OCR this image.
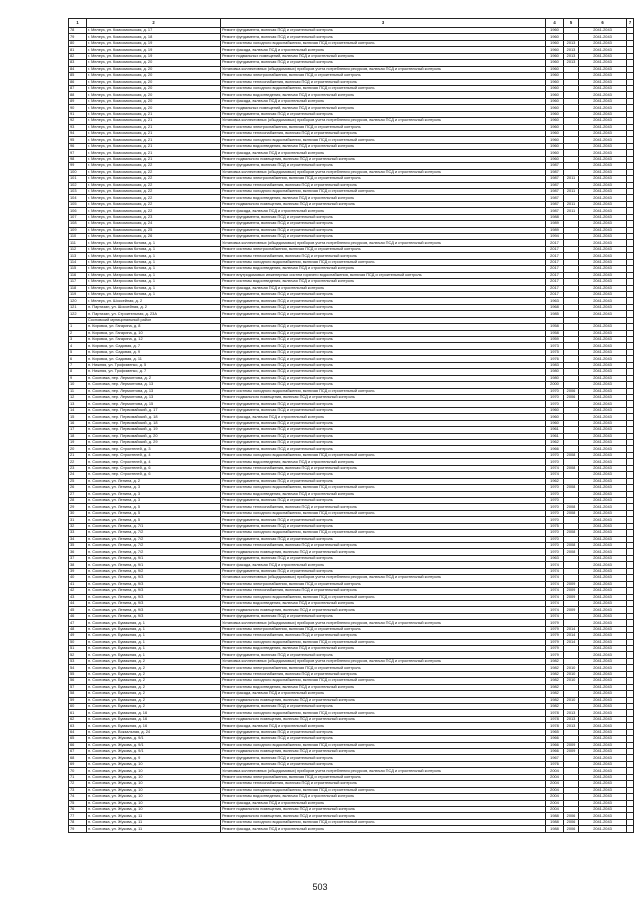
1	2	3	4	5	6	7
78	г. Мелеуз, ул. Комсомольская, д. 17	Ремонт фундамента, включая ПСД и строительный контроль	1960		2041-2043	
79	г. Мелеуз, ул. Комсомольская, д. 18	Ремонт фундамента, включая ПСД и строительный контроль	1960		2041-2043	
80	г. Мелеуз, ул. Комсомольская, д. 19	Ремонт системы холодного водоснабжения, включая ПСД и строительный контроль	1960	2013	2041-2043	
81	г. Мелеуз, ул. Комсомольская, д. 19	Ремонт фасада, включая ПСД и строительный контроль	1960	2013	2041-2043	
82	г. Мелеуз, ул. Комсомольская, д. 19	Ремонт подвальных помещений, включая ПСД и строительный контроль	1960	2013	2041-2043	
83	г. Мелеуз, ул. Комсомольская, д. 20	Ремонт фундамента, включая ПСД и строительный контроль	1960	2013	2041-2043	
84	г. Мелеуз, ул. Комсомольская, д. 20	Установка коллективных (общедомовых) приборов учета потребления ресурсов, включая ПСД и строительный контроль	1960		2041-2043	
85	г. Мелеуз, ул. Комсомольская, д. 20	Ремонт системы электроснабжения, включая ПСД и строительный контроль	1960		2041-2043	
86	г. Мелеуз, ул. Комсомольская, д. 20	Ремонт системы теплоснабжения, включая ПСД и строительный контроль	1960		2041-2043	
87	г. Мелеуз, ул. Комсомольская, д. 20	Ремонт системы холодного водоснабжения, включая ПСД и строительный контроль	1960		2041-2043	
88	г. Мелеуз, ул. Комсомольская, д. 20	Ремонт системы водоотведения, включая ПСД и строительный контроль	1960		2041-2043	
89	г. Мелеуз, ул. Комсомольская, д. 20	Ремонт фасада, включая ПСД и строительный контроль	1960		2041-2043	
90	г. Мелеуз, ул. Комсомольская, д. 20	Ремонт подвальных помещений, включая ПСД и строительный контроль	1960		2041-2043	
91	г. Мелеуз, ул. Комсомольская, д. 21	Ремонт фундамента, включая ПСД и строительный контроль	1960		2041-2043	
92	г. Мелеуз, ул. Комсомольская, д. 21	Установка коллективных (общедомовых) приборов учета потребления ресурсов, включая ПСД и строительный контроль	1960		2041-2043	
93	г. Мелеуз, ул. Комсомольская, д. 21	Ремонт системы электроснабжения, включая ПСД и строительный контроль	1960		2041-2043	
94	г. Мелеуз, ул. Комсомольская, д. 21	Ремонт системы теплоснабжения, включая ПСД и строительный контроль	1960		2041-2043	
95	г. Мелеуз, ул. Комсомольская, д. 21	Ремонт системы холодного водоснабжения, включая ПСД и строительный контроль	1960		2041-2043	
96	г. Мелеуз, ул. Комсомольская, д. 21	Ремонт системы водоотведения, включая ПСД и строительный контроль	1960		2041-2043	
97	г. Мелеуз, ул. Комсомольская, д. 21	Ремонт фасада, включая ПСД и строительный контроль	1960		2041-2043	
98	г. Мелеуз, ул. Комсомольская, д. 21	Ремонт подвального помещения, включая ПСД и строительный контроль	1960		2041-2043	
99	г. Мелеуз, ул. Комсомольская, д. 22	Ремонт фундамента, включая ПСД и строительный контроль	1987		2041-2043	
100	г. Мелеуз, ул. Комсомольская, д. 22	Установка коллективных (общедомовых) приборов учета потребления ресурсов, включая ПСД и строительный контроль	1987		2041-2043	
101	г. Мелеуз, ул. Комсомольская, д. 22	Ремонт системы электроснабжения, включая ПСД и строительный контроль	1987	2011	2041-2043	
102	г. Мелеуз, ул. Комсомольская, д. 22	Ремонт системы теплоснабжения, включая ПСД и строительный контроль	1987		2041-2043	
103	г. Мелеуз, ул. Комсомольская, д. 22	Ремонт системы холодного водоснабжения, включая ПСД и строительный контроль	1987	2011	2041-2043	
104	г. Мелеуз, ул. Комсомольская, д. 22	Ремонт системы водоотведения, включая ПСД и строительный контроль	1987		2041-2043	
105	г. Мелеуз, ул. Комсомольская, д. 22	Ремонт подвального помещения, включая ПСД и строительный контроль	1987	2011	2041-2043	
106	г. Мелеуз, ул. Комсомольская, д. 22	Ремонт фасада, включая ПСД и строительный контроль	1987	2011	2041-2043	
107	г. Мелеуз, ул. Комсомольская, д. 23	Ремонт фундамента, включая ПСД и строительный контроль	1988		2041-2043	
108	г. Мелеуз, ул. Комсомольская, д. 24	Ремонт фундамента, включая ПСД и строительный контроль	1989		2041-2043	
109	г. Мелеуз, ул. Комсомольская, д. 25	Ремонт фундамента, включая ПСД и строительный контроль	1989		2041-2043	
110	г. Мелеуз, ул. Комсомольская, д. 26	Ремонт фундамента, включая ПСД и строительный контроль	1994		2041-2043	
111	г. Мелеуз, ул. Матросова Котова, д. 1	Установка коллективных (общедомовых) приборов учета потребления ресурсов, включая ПСД и строительный контроль	2017		2041-2043	
112	г. Мелеуз, ул. Матросова Котова, д. 1	Ремонт системы электроснабжения, включая ПСД и строительный контроль	2017		2041-2043	
113	г. Мелеуз, ул. Матросова Котова, д. 1	Ремонт системы теплоснабжения, включая ПСД и строительный контроль	2017		2041-2043	
114	г. Мелеуз, ул. Матросова Котова, д. 1	Ремонт системы холодного водоснабжения, включая ПСД и строительный контроль	2017		2041-2043	
115	г. Мелеуз, ул. Матросова Котова, д. 1	Ремонт системы водоотведения, включая ПСД и строительный контроль	2017		2041-2043	
116	г. Мелеуз, ул. Матросова Котова, д. 1	Ремонт внутридомовых инженерных систем горячего водоснабжения, включая ПСД и строительный контроль	2017		2041-2043	
117	г. Мелеуз, ул. Матросова Котова, д. 1	Ремонт системы водоотведения, включая ПСД и строительный контроль	2017		2041-2043	
118	г. Мелеуз, ул. Матросова Котова, д. 1	Ремонт фасада, включая ПСД и строительный контроль	2017		2041-2043	
119	г. Мелеуз, ул. Матросова Котова, д. 1	Ремонт фундамента, включая ПСД и строительный контроль	2017		2041-2043	
120	г. Мелеуз, ул. Шоссейная, д. 2	Ремонт фундамента, включая ПСД и строительный контроль	1963		2041-2043	
121	п. Партизан, ул. Шоссейная, д. 2	Ремонт фундамента, включая ПСД и строительный контроль	1968		2041-2043	
122	п. Партизан, ул. Строительная, д. 23А	Ремонт фундамента, включая ПСД и строительный контроль	1985		2041-2043	
	Сосновский муниципальный район					
1	п. Кировка, ул. Гагарина, д. 8	Ремонт фундамента, включая ПСД и строительный контроль	1958		2041-2043	
2	п. Кировка, ул. Гагарина, д. 10	Ремонт фундамента, включая ПСД и строительный контроль	1958		2041-2043	
3	п. Кировка, ул. Гагарина, д. 12	Ремонт фундамента, включая ПСД и строительный контроль	1959		2041-2043	
4	п. Кировка, ул. Садовая, д. 7	Ремонт фундамента, включая ПСД и строительный контроль	1973		2041-2043	
5	п. Кировка, ул. Садовая, д. 9	Ремонт фундамента, включая ПСД и строительный контроль	1975		2041-2043	
6	п. Кировка, ул. Садовая, д. 11	Ремонт фундамента, включая ПСД и строительный контроль	1976		2041-2043	
7	п. Нижняя, ул. Трофименко, д. 5	Ремонт фундамента, включая ПСД и строительный контроль	1983		2041-2043	
8	п. Нижняя, ул. Трофименко, д. 7	Ремонт фундамента, включая ПСД и строительный контроль	1980		2041-2043	
9	п. Сосновка, пер. Лермонтова, д. 2	Ремонт фундамента, включая ПСД и строительный контроль	1980		2041-2043	
10	п. Сосновка, пер. Лермонтова, д. 13	Ремонт фундамента, включая ПСД и строительный контроль	2000		2041-2043	
11	п. Сосновка, пер. Лермонтова, д. 13	Ремонт системы холодного водоснабжения, включая ПСД и строительный контроль	1970	2006	2041-2043	
12	п. Сосновка, пер. Лермонтова, д. 13	Ремонт подвального помещения, включая ПСД и строительный контроль	1970	2006	2041-2043	
13	п. Сосновка, пер. Лермонтова, д. 15	Ремонт фундамента, включая ПСД и строительный контроль	1970		2041-2043	
14	п. Сосновка, пер. Первомайский, д. 17	Ремонт фундамента, включая ПСД и строительный контроль	1960		2041-2043	
15	п. Сосновка, пер. Первомайский, д. 18	Ремонт фасада, включая ПСД и строительный контроль	1960		2041-2043	
16	п. Сосновка, пер. Первомайский, д. 18	Ремонт фундамента, включая ПСД и строительный контроль	1960		2041-2043	
17	п. Сосновка, пер. Первомайский, д. 19	Ремонт фундамента, включая ПСД и строительный контроль	1961		2041-2043	
18	п. Сосновка, пер. Первомайский, д. 20	Ремонт фундамента, включая ПСД и строительный контроль	1961		2041-2043	
19	п. Сосновка, пер. Первомайский, д. 29	Ремонт фундамента, включая ПСД и строительный контроль	1962		2041-2043	
20	п. Сосновка, пер. Строителей, д. 3	Ремонт фундамента, включая ПСД и строительный контроль	1966		2041-2043	
21	п. Сосновка, пер. Строителей, д. 4	Ремонт системы холодного водоснабжения, включая ПСД и строительный контроль	1970	2008	2041-2043	
22	п. Сосновка, пер. Строителей, д. 4	Ремонт системы водоотведения, включая ПСД и строительный контроль	1970		2041-2043	
23	п. Сосновка, пер. Строителей, д. 6	Ремонт системы теплоснабжения, включая ПСД и строительный контроль	1974	2008	2041-2043	
24	п. Сосновка, пер. Строителей, д. 6	Ремонт фундамента, включая ПСД и строительный контроль	1974		2041-2043	
25	п. Сосновка, ул. Ленина, д. 2	Ремонт фундамента, включая ПСД и строительный контроль	1962		2041-2043	
26	п. Сосновка, ул. Ленина, д. 3	Ремонт системы холодного водоснабжения, включая ПСД и строительный контроль	1970	2008	2041-2043	
27	п. Сосновка, ул. Ленина, д. 3	Ремонт системы водоотведения, включая ПСД и строительный контроль	1970		2041-2043	
28	п. Сосновка, ул. Ленина, д. 3	Ремонт фундамента, включая ПСД и строительный контроль	1970		2041-2043	
29	п. Сосновка, ул. Ленина, д. 5	Ремонт системы теплоснабжения, включая ПСД и строительный контроль	1970	2008	2041-2043	
30	п. Сосновка, ул. Ленина, д. 5	Ремонт системы холодного водоснабжения, включая ПСД и строительный контроль	1970	2008	2041-2043	
31	п. Сосновка, ул. Ленина, д. 5	Ремонт фундамента, включая ПСД и строительный контроль	1970		2041-2043	
32	п. Сосновка, ул. Ленина, д. 7/1	Ремонт фундамента, включая ПСД и строительный контроль	1975		2041-2043	
33	п. Сосновка, ул. Ленина, д. 7/2	Ремонт системы холодного водоснабжения, включая ПСД и строительный контроль	1970	2008	2041-2043	
34	п. Сосновка, ул. Ленина, д. 7/2	Ремонт фундамента, включая ПСД и строительный контроль	1970		2041-2043	
35	п. Сосновка, ул. Ленина, д. 7/2	Ремонт системы теплоснабжения, включая ПСД и строительный контроль	1970	2008	2041-2043	
36	п. Сосновка, ул. Ленина, д. 7/2	Ремонт подвального помещения, включая ПСД и строительный контроль	1970	2008	2041-2043	
37	п. Сосновка, ул. Ленина, д. 9/1	Ремонт фундамента, включая ПСД и строительный контроль	1963		2041-2043	
38	п. Сосновка, ул. Ленина, д. 9/1	Ремонт фасада, включая ПСД и строительный контроль	1974		2041-2043	
39	п. Сосновка, ул. Ленина, д. 9/2	Ремонт фундамента, включая ПСД и строительный контроль	1974		2041-2043	
40	п. Сосновка, ул. Ленина, д. 9/3	Установка коллективных (общедомовых) приборов учета потребления ресурсов, включая ПСД и строительный контроль	1974		2041-2043	
41	п. Сосновка, ул. Ленина, д. 9/3	Ремонт системы электроснабжения, включая ПСД и строительный контроль	1974	2009	2041-2043	
42	п. Сосновка, ул. Ленина, д. 9/3	Ремонт системы теплоснабжения, включая ПСД и строительный контроль	1974	2009	2041-2043	
43	п. Сосновка, ул. Ленина, д. 9/3	Ремонт системы холодного водоснабжения, включая ПСД и строительный контроль	1974	2009	2041-2043	
44	п. Сосновка, ул. Ленина, д. 9/3	Ремонт системы водоотведения, включая ПСД и строительный контроль	1974		2041-2043	
45	п. Сосновка, ул. Ленина, д. 9/3	Ремонт подвального помещения, включая ПСД и строительный контроль	1974	2009	2041-2043	
46	п. Сосновка, ул. Ленина, д. 9/3	Ремонт фундамента, включая ПСД и строительный контроль	1974		2041-2043	
47	п. Сосновка, ул. Бумажная, д. 1	Установка коллективных (общедомовых) приборов учета потребления ресурсов, включая ПСД и строительный контроль	1979		2041-2043	
48	п. Сосновка, ул. Бумажная, д. 1	Ремонт системы электроснабжения, включая ПСД и строительный контроль	1979	2014	2041-2043	
49	п. Сосновка, ул. Бумажная, д. 1	Ремонт системы теплоснабжения, включая ПСД и строительный контроль	1979	2014	2041-2043	
50	п. Сосновка, ул. Бумажная, д. 1	Ремонт системы холодного водоснабжения, включая ПСД и строительный контроль	1979	2014	2041-2043	
51	п. Сосновка, ул. Бумажная, д. 1	Ремонт системы водоотведения, включая ПСД и строительный контроль	1979		2041-2043	
52	п. Сосновка, ул. Бумажная, д. 1	Ремонт фундамента, включая ПСД и строительный контроль	1979		2041-2043	
53	п. Сосновка, ул. Бумажная, д. 2	Установка коллективных (общедомовых) приборов учета потребления ресурсов, включая ПСД и строительный контроль	1982		2041-2043	
54	п. Сосновка, ул. Бумажная, д. 2	Ремонт системы электроснабжения, включая ПСД и строительный контроль	1982	2010	2041-2043	
55	п. Сосновка, ул. Бумажная, д. 2	Ремонт системы теплоснабжения, включая ПСД и строительный контроль	1982	2010	2041-2043	
56	п. Сосновка, ул. Бумажная, д. 2	Ремонт системы холодного водоснабжения, включая ПСД и строительный контроль	1982	2010	2041-2043	
57	п. Сосновка, ул. Бумажная, д. 2	Ремонт системы водоотведения, включая ПСД и строительный контроль	1982		2041-2043	
58	п. Сосновка, ул. Бумажная, д. 2	Ремонт фасада, включая ПСД и строительный контроль	1982		2041-2043	
59	п. Сосновка, ул. Бумажная, д. 2	Ремонт подвального помещения, включая ПСД и строительный контроль	1982	2010	2041-2043	
60	п. Сосновка, ул. Бумажная, д. 2	Ремонт фундамента, включая ПСД и строительный контроль	1982		2041-2043	
61	п. Сосновка, ул. Бумажная, д. 16	Ремонт системы холодного водоснабжения, включая ПСД и строительный контроль	1978	2013	2041-2043	
62	п. Сосновка, ул. Бумажная, д. 16	Ремонт подвального помещения, включая ПСД и строительный контроль	1978	2013	2041-2043	
63	п. Сосновка, ул. Бумажная, д. 16	Ремонт фасада, включая ПСД и строительный контроль	1978	2013	2041-2043	
64	п. Сосновка, ул. Вокзальная, д. 24	Ремонт фундамента, включая ПСД и строительный контроль	1965		2041-2043	
65	п. Сосновка, ул. Жукова, д. 9/1	Ремонт фундамента, включая ПСД и строительный контроль	1966		2041-2043	
66	п. Сосновка, ул. Жукова, д. 9/1	Ремонт системы холодного водоснабжения, включая ПСД и строительный контроль	1966	2009	2041-2043	
67	п. Сосновка, ул. Жукова, д. 9/1	Ремонт подвального помещения, включая ПСД и строительный контроль	1966	2009	2041-2043	
68	п. Сосновка, ул. Жукова, д. 9	Ремонт фундамента, включая ПСД и строительный контроль	1967		2041-2043	
69	п. Сосновка, ул. Жукова, д. 10	Ремонт фундамента, включая ПСД и строительный контроль	1976		2041-2043	
70	п. Сосновка, ул. Жукова, д. 10	Установка коллективных (общедомовых) приборов учета потребления ресурсов, включая ПСД и строительный контроль	2004		2041-2043	
71	п. Сосновка, ул. Жукова, д. 10	Ремонт системы электроснабжения, включая ПСД и строительный контроль	2004		2041-2043	
72	п. Сосновка, ул. Жукова, д. 10	Ремонт системы теплоснабжения, включая ПСД и строительный контроль	2004		2041-2043	
73	п. Сосновка, ул. Жукова, д. 10	Ремонт системы холодного водоснабжения, включая ПСД и строительный контроль	2004		2041-2043	
74	п. Сосновка, ул. Жукова, д. 10	Ремонт системы водоотведения, включая ПСД и строительный контроль	2004		2041-2043	
75	п. Сосновка, ул. Жукова, д. 10	Ремонт фасада, включая ПСД и строительный контроль	2004		2041-2043	
76	п. Сосновка, ул. Жукова, д. 10	Ремонт подвального помещения, включая ПСД и строительный контроль	2004		2041-2043	
77	п. Сосновка, ул. Жукова, д. 11	Ремонт подвального помещения, включая ПСД и строительный контроль	1988	2006	2041-2043	
78	п. Сосновка, ул. Жукова, д. 11	Ремонт системы холодного водоснабжения, включая ПСД и строительный контроль	1988	2006	2041-2043	
79	п. Сосновка, ул. Жукова, д. 11	Ремонт фасада, включая ПСД и строительный контроль	1988	2006	2041-2043	
503
